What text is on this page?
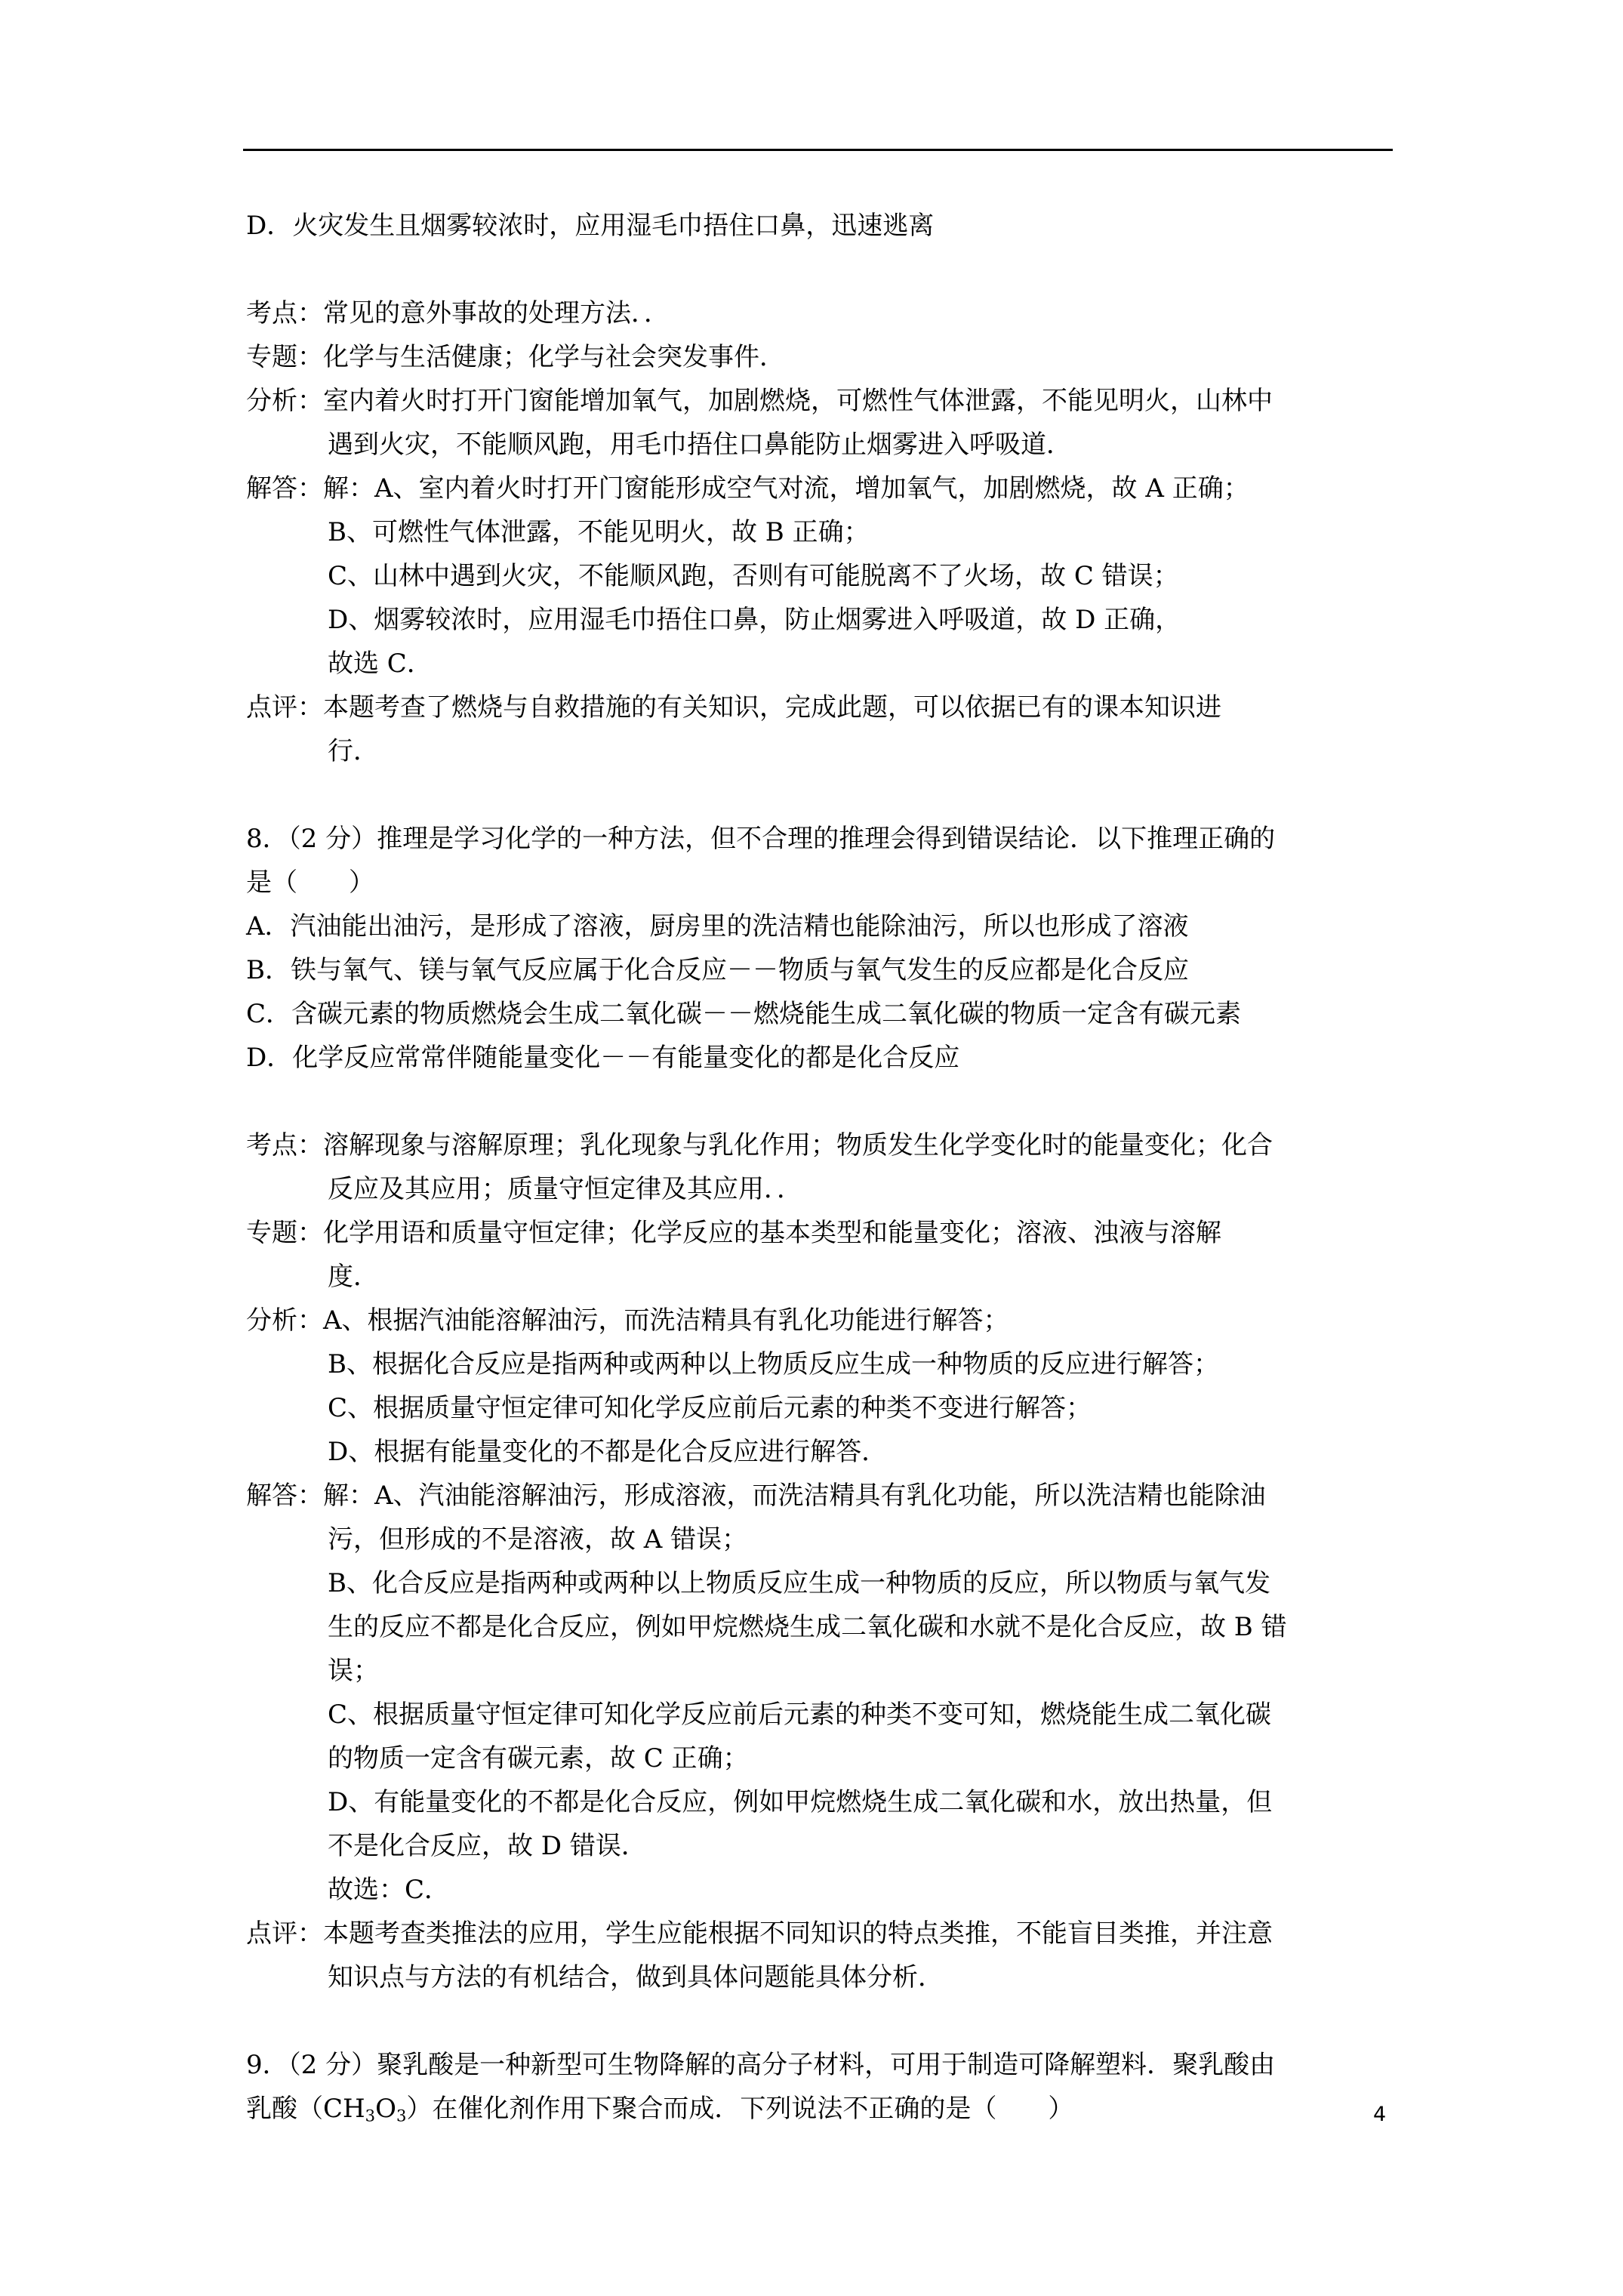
D．火灾发生且烟雾较浓时，应用湿毛巾捂住口鼻，迅速逃离
考点：常见的意外事故的处理方法．．
专题：化学与生活健康；化学与社会突发事件．
分析：室内着火时打开门窗能增加氧气，加剧燃烧，可燃性气体泄露，不能见明火，山林中
遇到火灾，不能顺风跑，用毛巾捂住口鼻能防止烟雾进入呼吸道．
解答：解：A、室内着火时打开门窗能形成空气对流，增加氧气，加剧燃烧，故 A 正确；
B、可燃性气体泄露，不能见明火，故 B 正确；
C、山林中遇到火灾，不能顺风跑，否则有可能脱离不了火场，故 C 错误；
D、烟雾较浓时，应用湿毛巾捂住口鼻，防止烟雾进入呼吸道，故 D 正确，
故选 C．
点评：本题考查了燃烧与自救措施的有关知识，完成此题，可以依据已有的课本知识进
行．
8．（2 分）推理是学习化学的一种方法，但不合理的推理会得到错误结论．以下推理正确的
是（　　）
A．汽油能出油污，是形成了溶液，厨房里的洗洁精也能除油污，所以也形成了溶液
B．铁与氧气、镁与氧气反应属于化合反应－－物质与氧气发生的反应都是化合反应
C．含碳元素的物质燃烧会生成二氧化碳－－燃烧能生成二氧化碳的物质一定含有碳元素
D．化学反应常常伴随能量变化－－有能量变化的都是化合反应
考点：溶解现象与溶解原理；乳化现象与乳化作用；物质发生化学变化时的能量变化；化合
反应及其应用；质量守恒定律及其应用．．
专题：化学用语和质量守恒定律；化学反应的基本类型和能量变化；溶液、浊液与溶解
度．
分析：A、根据汽油能溶解油污，而洗洁精具有乳化功能进行解答；
B、根据化合反应是指两种或两种以上物质反应生成一种物质的反应进行解答；
C、根据质量守恒定律可知化学反应前后元素的种类不变进行解答；
D、根据有能量变化的不都是化合反应进行解答．
解答：解：A、汽油能溶解油污，形成溶液，而洗洁精具有乳化功能，所以洗洁精也能除油
污，但形成的不是溶液，故 A 错误；
B、化合反应是指两种或两种以上物质反应生成一种物质的反应，所以物质与氧气发
生的反应不都是化合反应，例如甲烷燃烧生成二氧化碳和水就不是化合反应，故 B 错
误；
C、根据质量守恒定律可知化学反应前后元素的种类不变可知，燃烧能生成二氧化碳
的物质一定含有碳元素，故 C 正确；
D、有能量变化的不都是化合反应，例如甲烷燃烧生成二氧化碳和水，放出热量，但
不是化合反应，故 D 错误．
故选：C．
点评：本题考查类推法的应用，学生应能根据不同知识的特点类推，不能盲目类推，并注意
知识点与方法的有机结合，做到具体问题能具体分析．
9．（2 分）聚乳酸是一种新型可生物降解的高分子材料，可用于制造可降解塑料．聚乳酸由
乳酸$(CH_3O_3)$在催化剂作用下聚合而成．下列说法不正确的是（　　）	4
